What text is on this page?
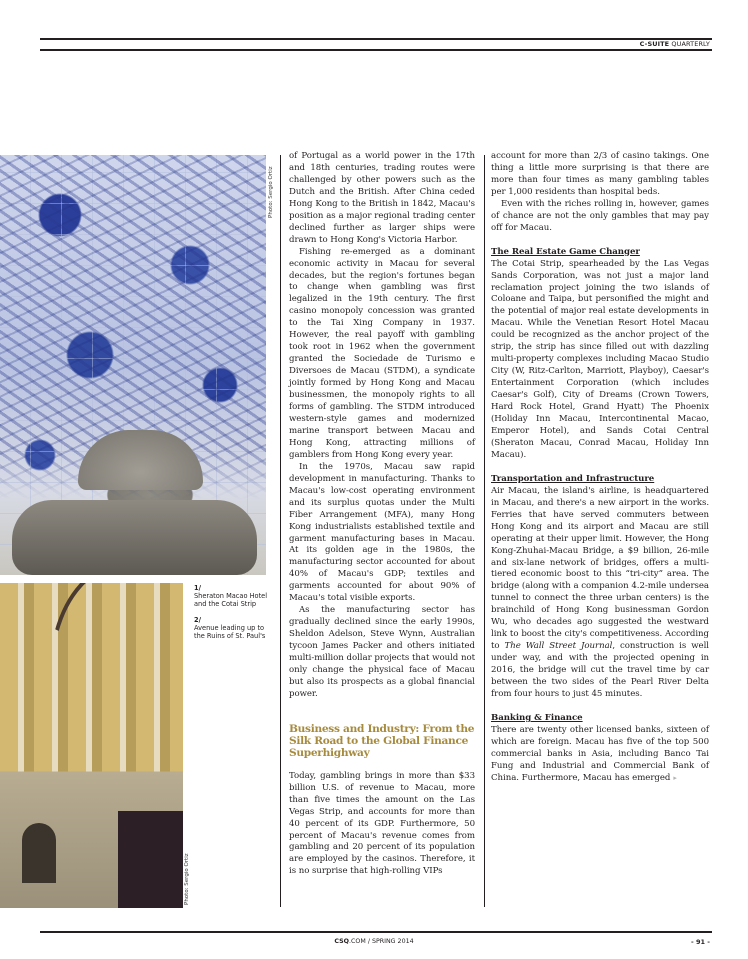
C-SUITE QUARTERLY
Photo: Sergio Ortiz
Photo: Sergio Ortiz
1/
Sheraton Macao Hotel and the Cotai Strip
2/
Avenue leading up to the Ruins of St. Paul's

of Portugal as a world power in the 17th and 18th centuries, trading routes were challenged by other powers such as the Dutch and the British. After China ceded Hong Kong to the British in 1842, Macau's position as a major regional trading center declined further as larger ships were drawn to Hong Kong's Victoria Harbor.

Fishing re-emerged as a dominant economic activity in Macau for several decades, but the region's fortunes began to change when gambling was first legalized in the 19th century. The first casino monopoly concession was granted to the Tai Xing Company in 1937. However, the real payoff with gambling took root in 1962 when the government granted the Sociedade de Turismo e Diversoes de Macau (STDM), a syndicate jointly formed by Hong Kong and Macau businessmen, the monopoly rights to all forms of gambling. The STDM introduced western-style games and modernized marine transport between Macau and Hong Kong, attracting millions of gamblers from Hong Kong every year.

In the 1970s, Macau saw rapid development in manufacturing. Thanks to Macau's low-cost operating environment and its surplus quotas under the Multi Fiber Arrangement (MFA), many Hong Kong industrialists established textile and garment manufacturing bases in Macau. At its golden age in the 1980s, the manufacturing sector accounted for about 40% of Macau's GDP; textiles and garments accounted for about 90% of Macau's total visible exports.

As the manufacturing sector has gradually declined since the early 1990s, Sheldon Adelson, Steve Wynn, Australian tycoon James Packer and others initiated multi-million dollar projects that would not only change the physical face of Macau but also its prospects as a global financial power.

Business and Industry: From the Silk Road to the Global Finance Superhighway

Today, gambling brings in more than $33 billion U.S. of revenue to Macau, more than five times the amount on the Las Vegas Strip, and accounts for more than 40 percent of its GDP. Furthermore, 50 percent of Macau's revenue comes from gambling and 20 percent of its population are employed by the casinos. Therefore, it is no surprise that high-rolling VIPs

account for more than 2/3 of casino takings. One thing a little more surprising is that there are more than four times as many gambling tables per 1,000 residents than hospital beds.

Even with the riches rolling in, however, games of chance are not the only gambles that may pay off for Macau.

The Real Estate Game Changer

The Cotai Strip, spearheaded by the Las Vegas Sands Corporation, was not just a major land reclamation project joining the two islands of Coloane and Taipa, but personified the might and the potential of major real estate developments in Macau. While the Venetian Resort Hotel Macau could be recognized as the anchor project of the strip, the strip has since filled out with dazzling multi-property complexes including Macao Studio City (W, Ritz-Carlton, Marriott, Playboy), Caesar's Entertainment Corporation (which includes Caesar's Golf), City of Dreams (Crown Towers, Hard Rock Hotel, Grand Hyatt) The Phoenix (Holiday Inn Macau, Intercontinental Macao, Emperor Hotel), and Sands Cotai Central (Sheraton Macau, Conrad Macau, Holiday Inn Macau).

Transportation and Infrastructure

Air Macau, the island's airline, is headquartered in Macau, and there's a new airport in the works. Ferries that have served commuters between Hong Kong and its airport and Macau are still operating at their upper limit. However, the Hong Kong-Zhuhai-Macau Bridge, a $9 billion, 26-mile and six-lane network of bridges, offers a multi-tiered economic boost to this “tri-city” area. The bridge (along with a companion 4.2-mile undersea tunnel to connect the three urban centers) is the brainchild of Hong Kong businessman Gordon Wu, who decades ago suggested the westward link to boost the city's competitiveness. According to The Wall Street Journal, construction is well under way, and with the projected opening in 2016, the bridge will cut the travel time by car between the two sides of the Pearl River Delta from four hours to just 45 minutes.

Banking & Finance

There are twenty other licensed banks, sixteen of which are foreign. Macau has five of the top 500 commercial banks in Asia, including Banco Tai Fung and Industrial and Commercial Bank of China. Furthermore, Macau has emerged ▸

CSQ.COM / SPRING 2014	- 91 -
